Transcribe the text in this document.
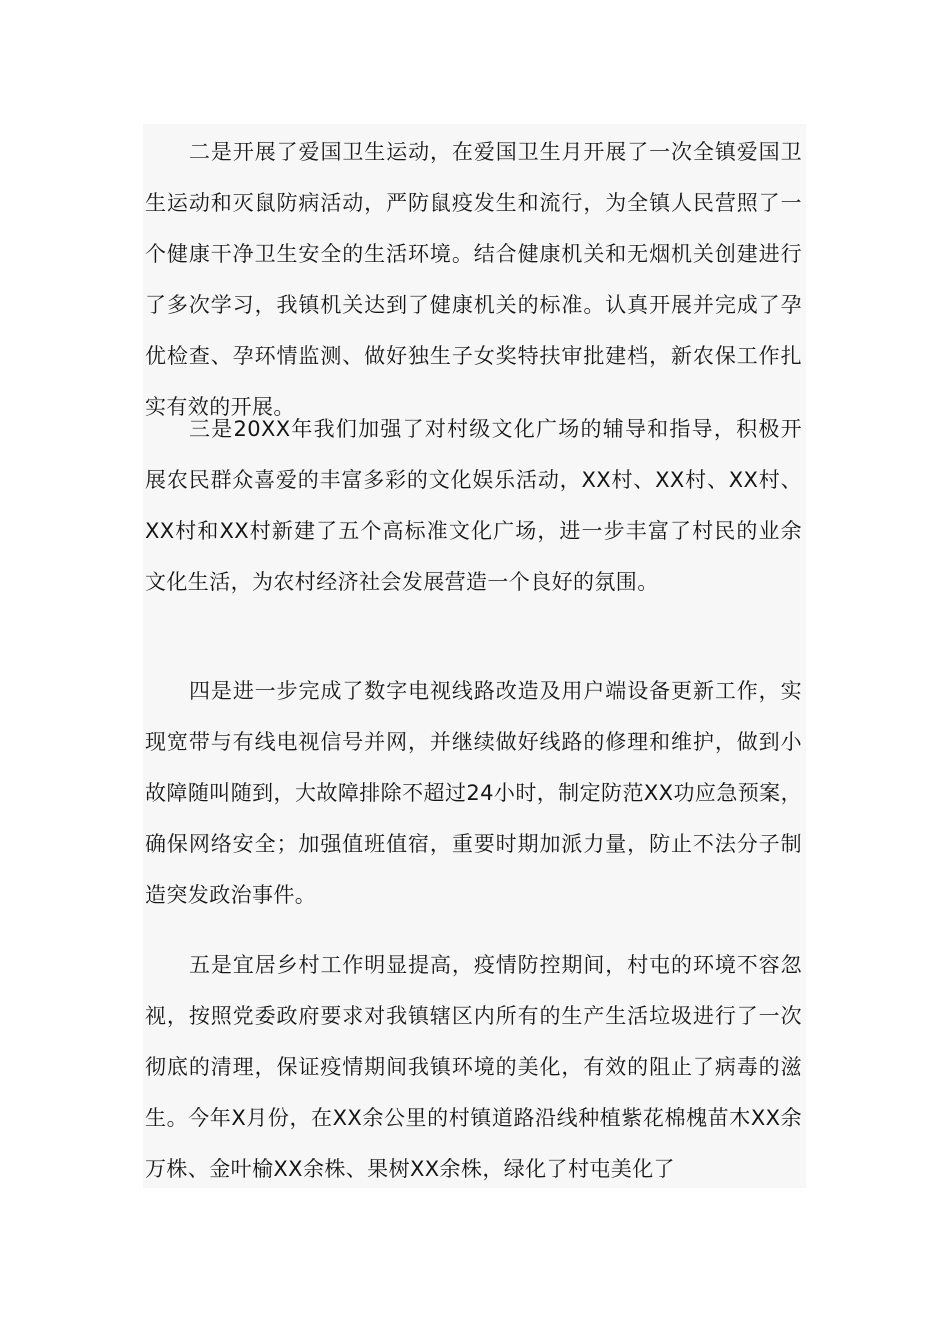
二是开展了爱国卫生运动，在爱国卫生月开展了一次全镇爱国卫生运动和灭鼠防病活动，严防鼠疫发生和流行，为全镇人民营照了一个健康干净卫生安全的生活环境。结合健康机关和无烟机关创建进行了多次学习，我镇机关达到了健康机关的标准。认真开展并完成了孕优检查、孕环情监测、做好独生子女奖特扶审批建档，新农保工作扎实有效的开展。

三是20XX年我们加强了对村级文化广场的辅导和指导，积极开展农民群众喜爱的丰富多彩的文化娱乐活动，XX村、XX村、XX村、XX村和XX村新建了五个高标准文化广场，进一步丰富了村民的业余文化生活，为农村经济社会发展营造一个良好的氛围。

四是进一步完成了数字电视线路改造及用户端设备更新工作，实现宽带与有线电视信号并网，并继续做好线路的修理和维护，做到小故障随叫随到，大故障排除不超过24小时，制定防范XX功应急预案，确保网络安全；加强值班值宿，重要时期加派力量，防止不法分子制造突发政治事件。

五是宜居乡村工作明显提高，疫情防控期间，村屯的环境不容忽视，按照党委政府要求对我镇辖区内所有的生产生活垃圾进行了一次彻底的清理，保证疫情期间我镇环境的美化，有效的阻止了病毒的滋生。今年X月份，在XX余公里的村镇道路沿线种植紫花棉槐苗木XX余万株、金叶榆XX余株、果树XX余株，绿化了村屯美化了
